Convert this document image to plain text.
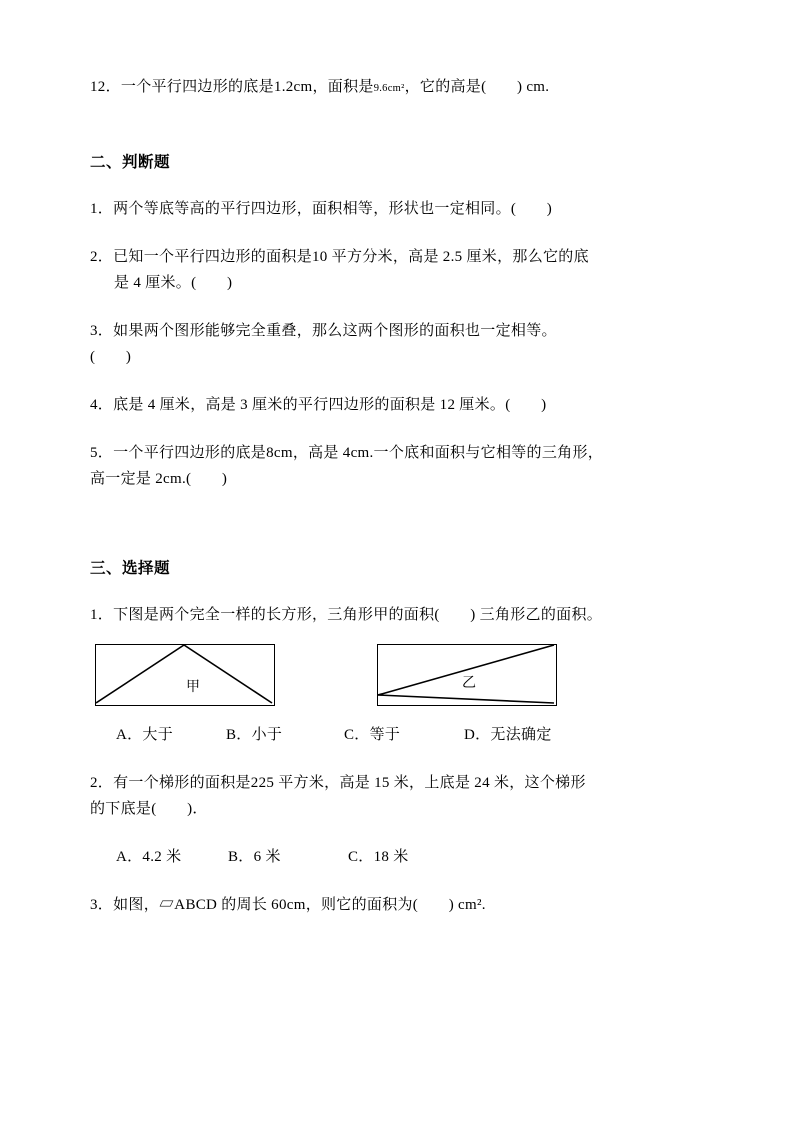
12．一个平行四边形的底是1.2cm，面积是9.6cm²，它的高是(　　) cm.

二、判断题

1．两个等底等高的平行四边形，面积相等，形状也一定相同。(　　)

2．已知一个平行四边形的面积是10 平方分米，高是 2.5 厘米，那么它的底

是 4 厘米。(　　)

3．如果两个图形能够完全重叠，那么这两个图形的面积也一定相等。

(　　)

4．底是 4 厘米，高是 3 厘米的平行四边形的面积是 12 厘米。(　　)

5．一个平行四边形的底是8cm，高是 4cm.一个底和面积与它相等的三角形，

高一定是 2cm.(　　)

三、选择题

1．下图是两个完全一样的长方形，三角形甲的面积(　　) 三角形乙的面积。

甲	乙

A．大于	B．小于	C．等于	D．无法确定

2．有一个梯形的面积是225 平方米，高是 15 米，上底是 24 米，这个梯形

的下底是(　　)．

A．4.2 米	B．6 米	C．18 米

3．如图，▱ABCD 的周长 60cm，则它的面积为(　　) cm².
